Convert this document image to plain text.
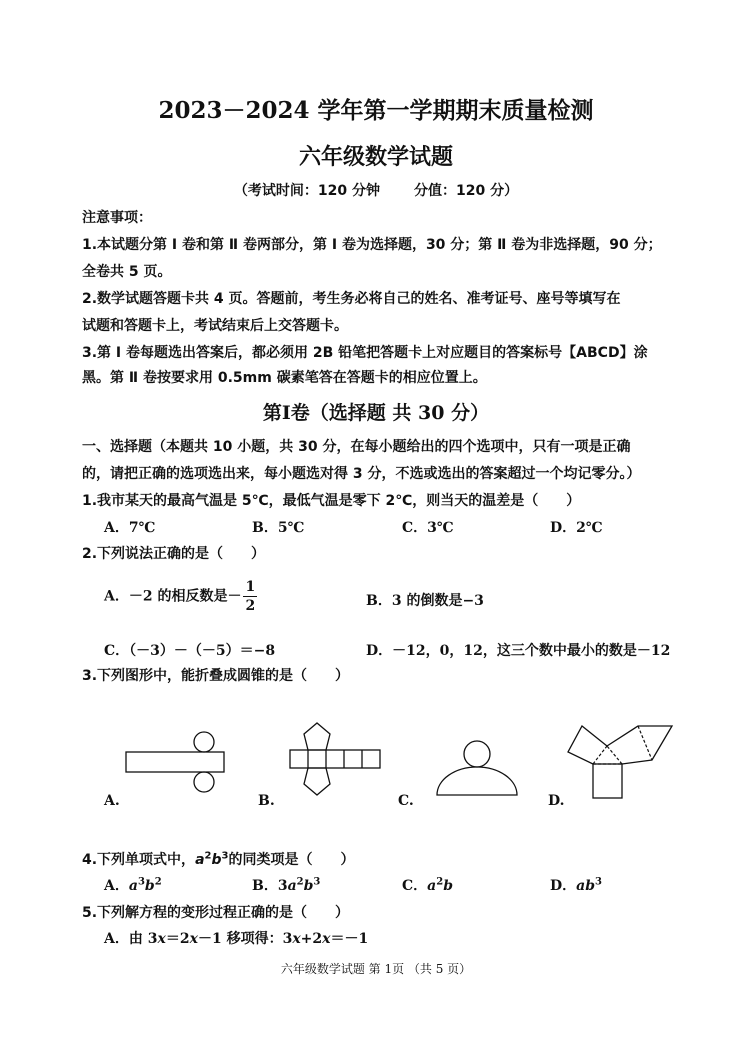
2023－2024 学年第一学期期末质量检测
六年级数学试题
（考试时间：120 分钟 分值：120 分）
注意事项：
1.本试题分第 Ⅰ 卷和第 Ⅱ 卷两部分，第 Ⅰ 卷为选择题，30 分；第 Ⅱ 卷为非选择题，90 分；
全卷共 5 页。
2.数学试题答题卡共 4 页。答题前，考生务必将自己的姓名、准考证号、座号等填写在
试题和答题卡上，考试结束后上交答题卡。
3.第 Ⅰ 卷每题选出答案后，都必须用 2B 铅笔把答题卡上对应题目的答案标号【ABCD】涂
黑。第 Ⅱ 卷按要求用 0.5mm 碳素笔答在答题卡的相应位置上。
第Ⅰ卷（选择题 共 30 分）
一、选择题（本题共 10 小题，共 30 分，在每小题给出的四个选项中，只有一项是正确
的，请把正确的选项选出来，每小题选对得 3 分，不选或选出的答案超过一个均记零分。）
1.我市某天的最高气温是 5℃，最低气温是零下 2℃，则当天的温差是（　　）
A．7℃	B．5℃	C．3℃	D．2℃
2.下列说法正确的是（　　）
A．－2 的相反数是－ $\frac{1}{2}$	B．3 的倒数是−3
C．（－3）－（－5）＝−8	D．－12，0，12，这三个数中最小的数是－12
3.下列图形中，能折叠成圆锥的是（　　）
A.	B.	C.	D.
4.下列单项式中，$a^2b^3$的同类项是（　　）
A．$a^3b^2$	B．$3a^2b^3$	C．$a^2b$	D．$ab^3$
5.下列解方程的变形过程正确的是（　　）
A．由 3x＝2x－1 移项得：3x+2x＝－1
六年级数学试题 第 1页 （共 5 页）
